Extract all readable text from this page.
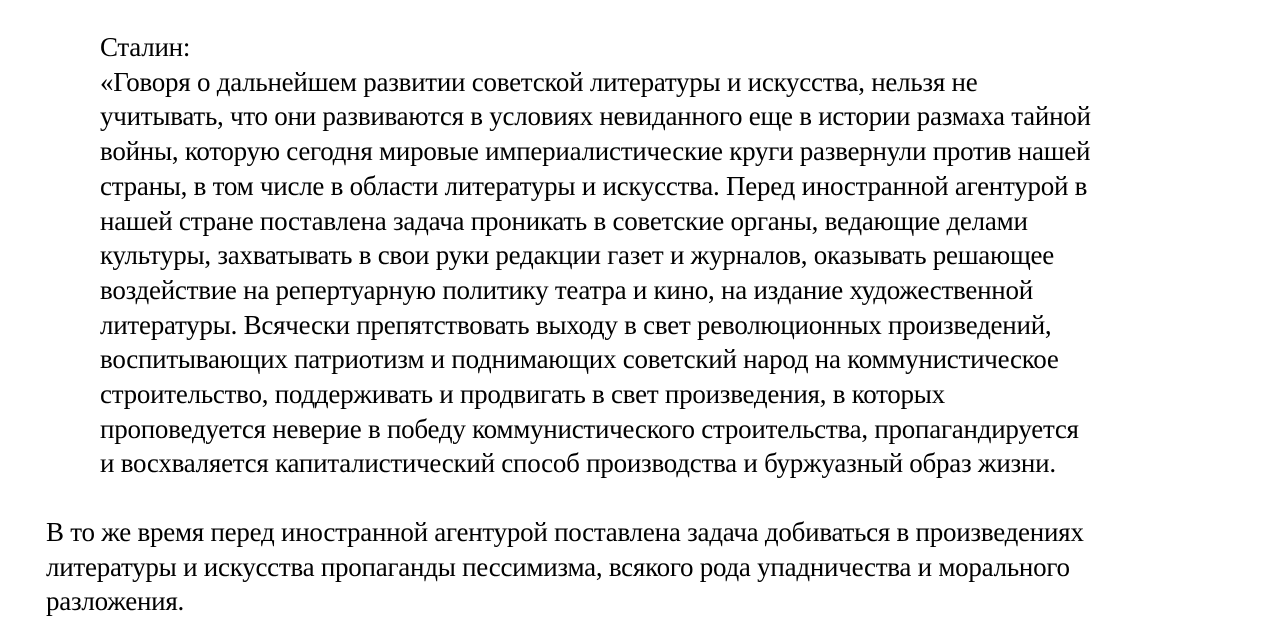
Сталин:
«Говоря о дальнейшем развитии советской литературы и искусства, нельзя не
учитывать, что они развиваются в условиях невиданного еще в истории размаха тайной
войны, которую сегодня мировые империалистические круги развернули против нашей
страны, в том числе в области литературы и искусства. Перед иностранной агентурой в
нашей стране поставлена задача проникать в советские органы, ведающие делами
культуры, захватывать в свои руки редакции газет и журналов, оказывать решающее
воздействие на репертуарную политику театра и кино, на издание художественной
литературы. Всячески препятствовать выходу в свет революционных произведений,
воспитывающих патриотизм и поднимающих советский народ на коммунистическое
строительство, поддерживать и продвигать в свет произведения, в которых
проповедуется неверие в победу коммунистического строительства, пропагандируется
и восхваляется капиталистический способ производства и буржуазный образ жизни.
В то же время перед иностранной агентурой поставлена задача добиваться в произведениях
литературы и искусства пропаганды пессимизма, всякого рода упадничества и морального
разложения.
